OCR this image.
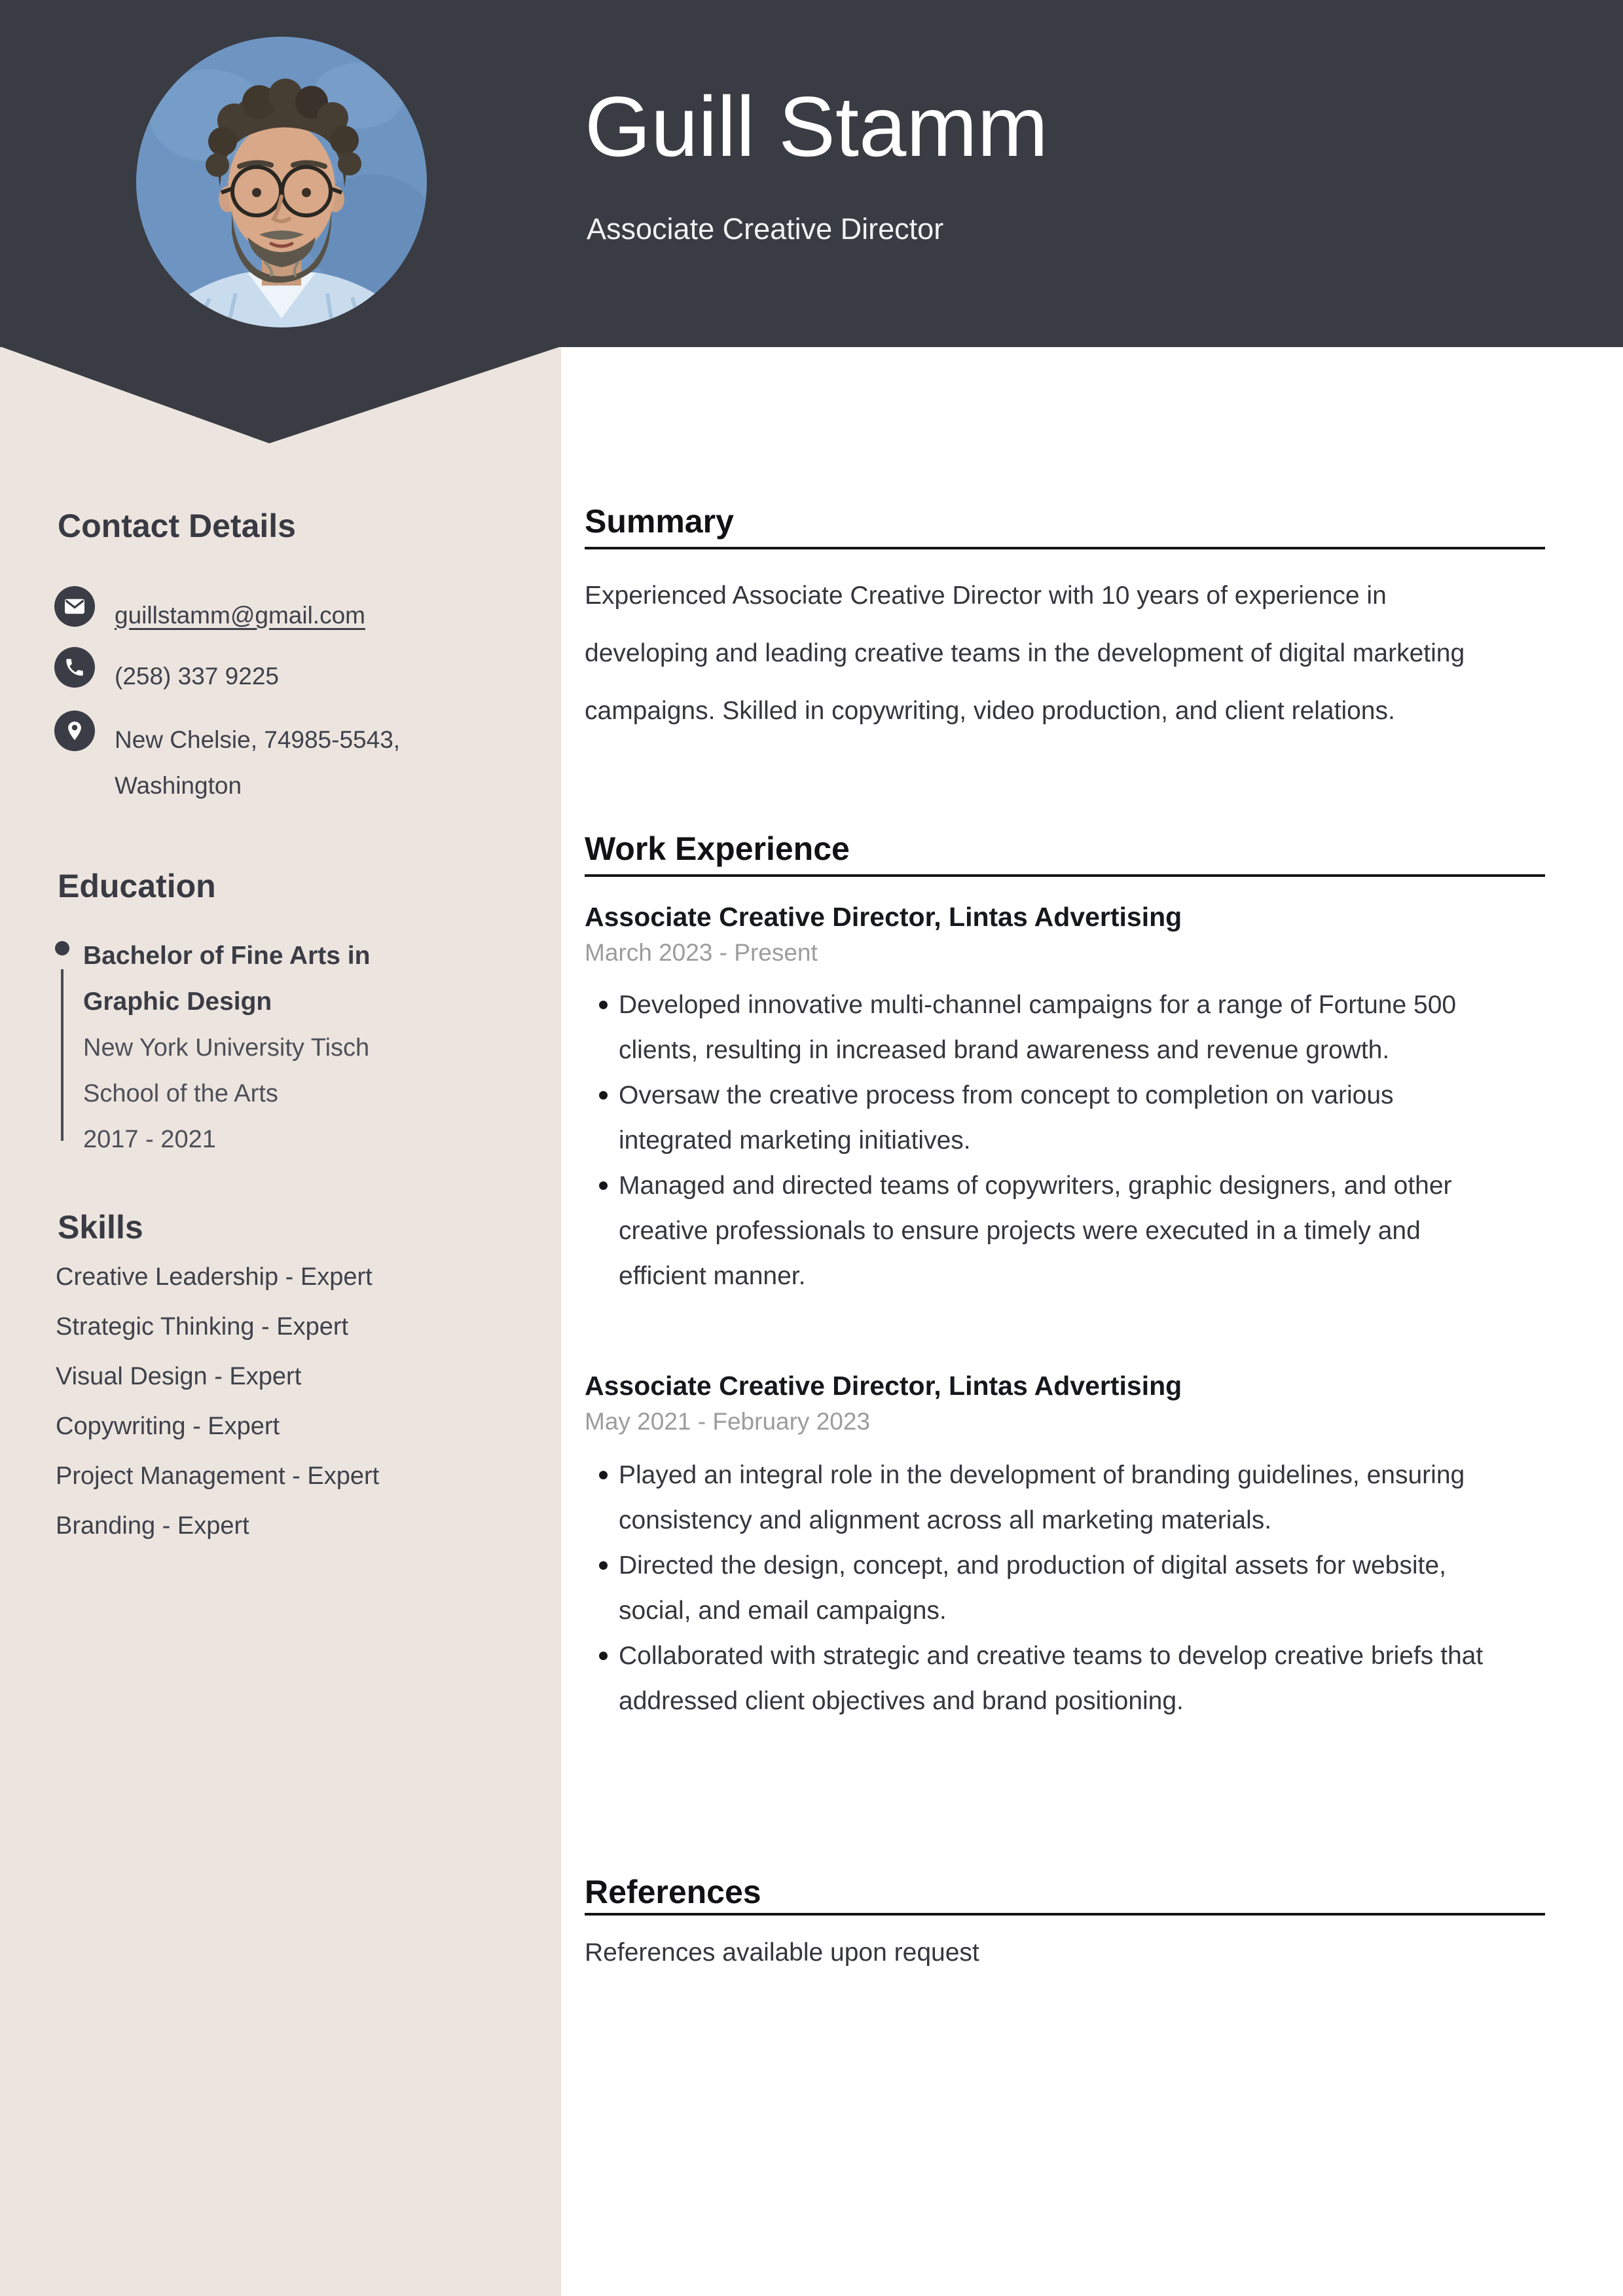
Guill Stamm
Associate Creative Director
Contact Details
guillstamm@gmail.com
(258) 337 9225
New Chelsie, 74985-5543, Washington
Education
Bachelor of Fine Arts in Graphic Design
New York University Tisch School of the Arts
2017 - 2021
Skills
Creative Leadership - Expert
Strategic Thinking - Expert
Visual Design - Expert
Copywriting - Expert
Project Management - Expert
Branding - Expert
Summary
Experienced Associate Creative Director with 10 years of experience in developing and leading creative teams in the development of digital marketing campaigns. Skilled in copywriting, video production, and client relations.
Work Experience
Associate Creative Director, Lintas Advertising
March 2023 - Present
Developed innovative multi-channel campaigns for a range of Fortune 500 clients, resulting in increased brand awareness and revenue growth.
Oversaw the creative process from concept to completion on various integrated marketing initiatives.
Managed and directed teams of copywriters, graphic designers, and other creative professionals to ensure projects were executed in a timely and efficient manner.
Associate Creative Director, Lintas Advertising
May 2021 - February 2023
Played an integral role in the development of branding guidelines, ensuring consistency and alignment across all marketing materials.
Directed the design, concept, and production of digital assets for website, social, and email campaigns.
Collaborated with strategic and creative teams to develop creative briefs that addressed client objectives and brand positioning.
References
References available upon request
